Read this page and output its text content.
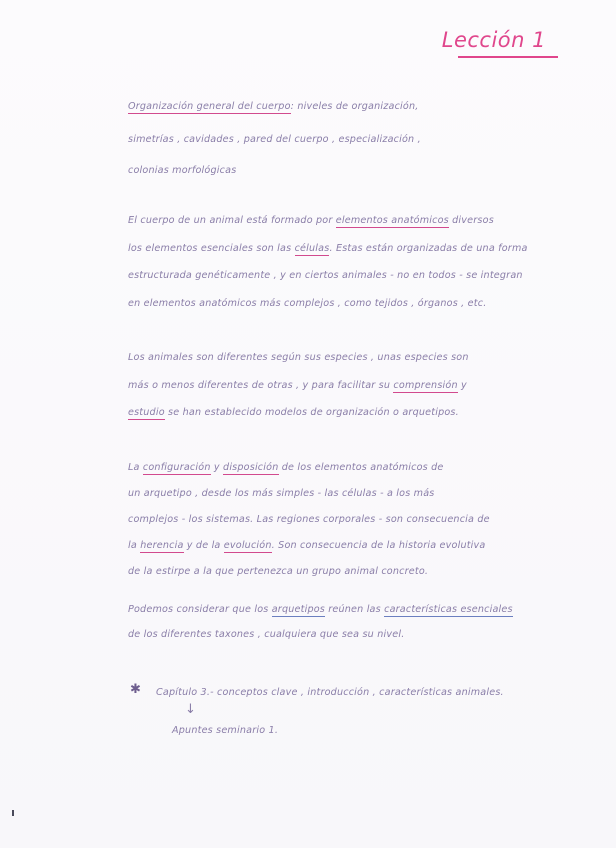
Lección 1
Organización general del cuerpo: niveles de organización,
simetrías , cavidades , pared del cuerpo , especialización ,
colonias morfológicas
El cuerpo de un animal está formado por elementos anatómicos diversos
los elementos esenciales son las células. Estas están organizadas de una forma
estructurada genéticamente , y en ciertos animales - no en todos - se integran
en elementos anatómicos más complejos , como tejidos , órganos , etc.
Los animales son diferentes según sus especies , unas especies son
más o menos diferentes de otras , y para facilitar su comprensión y
estudio se han establecido modelos de organización o arquetipos.
La configuración y disposición de los elementos anatómicos de
un arquetipo , desde los más simples - las células - a los más
complejos - los sistemas. Las regiones corporales - son consecuencia de
la herencia y de la evolución. Son consecuencia de la historia evolutiva
de la estirpe a la que pertenezca un grupo animal concreto.
Podemos considerar que los arquetipos reúnen las características esenciales
de los diferentes taxones , cualquiera que sea su nivel.
✱ Capítulo 3.- conceptos clave , introducción , características animales.
↓
Apuntes seminario 1.
